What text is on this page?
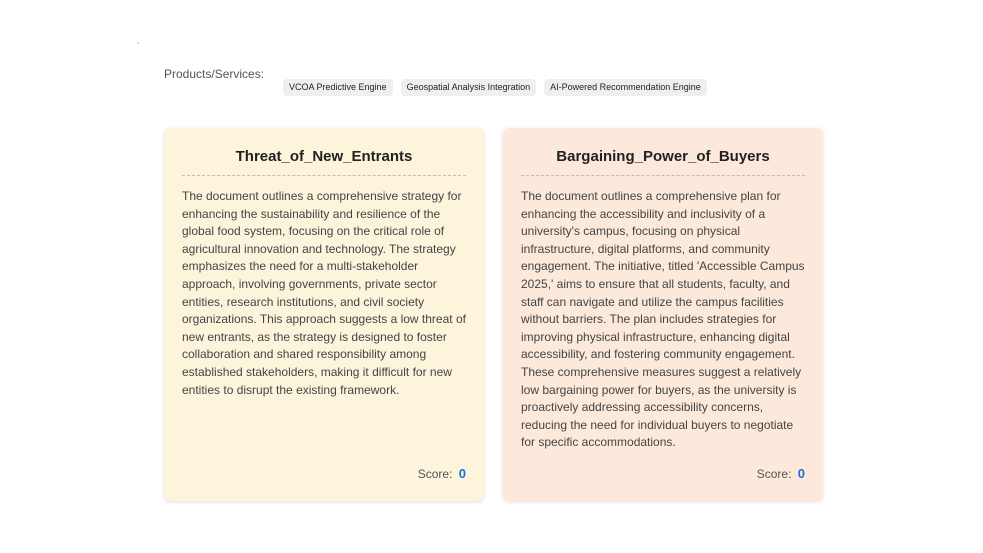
Products/Services:
VCOA Predictive Engine	Geospatial Analysis Integration	AI-Powered Recommendation Engine
Threat_of_New_Entrants

The document outlines a comprehensive strategy for enhancing the sustainability and resilience of the global food system, focusing on the critical role of agricultural innovation and technology. The strategy emphasizes the need for a multi-stakeholder approach, involving governments, private sector entities, research institutions, and civil society organizations. This approach suggests a low threat of new entrants, as the strategy is designed to foster collaboration and shared responsibility among established stakeholders, making it difficult for new entities to disrupt the existing framework.

Score: 0
Bargaining_Power_of_Buyers

The document outlines a comprehensive plan for enhancing the accessibility and inclusivity of a university's campus, focusing on physical infrastructure, digital platforms, and community engagement. The initiative, titled 'Accessible Campus 2025,' aims to ensure that all students, faculty, and staff can navigate and utilize the campus facilities without barriers. The plan includes strategies for improving physical infrastructure, enhancing digital accessibility, and fostering community engagement. These comprehensive measures suggest a relatively low bargaining power for buyers, as the university is proactively addressing accessibility concerns, reducing the need for individual buyers to negotiate for specific accommodations.

Score: 0
